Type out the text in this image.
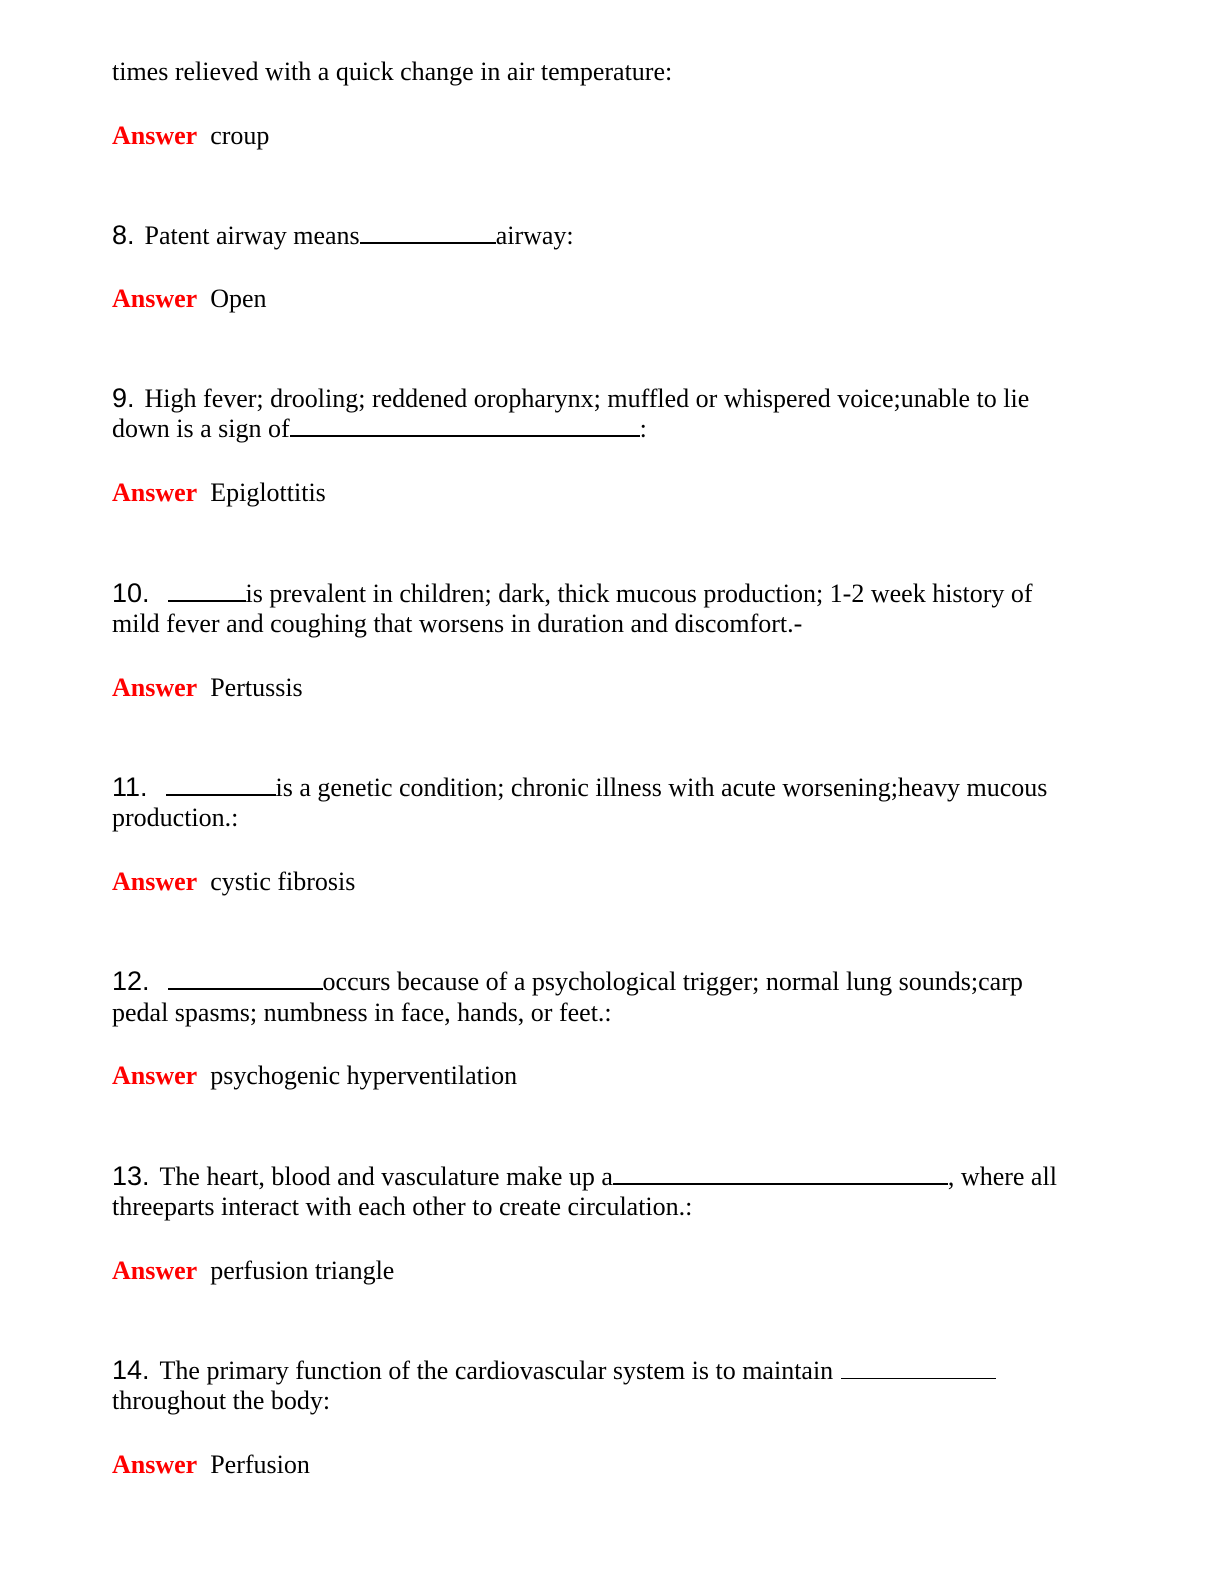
times relieved with a quick change in air temperature:
Answer croup
8. Patent airway means	airway:
Answer Open
9. High fever; drooling; reddened oropharynx; muffled or whispered voice;unable to lie
down is a sign of	:
Answer Epiglottitis
10.	is prevalent in children; dark, thick mucous production; 1-2 week history of
mild fever and coughing that worsens in duration and discomfort.-
Answer Pertussis
11.	is a genetic condition; chronic illness with acute worsening;heavy mucous
production.:
Answer cystic fibrosis
12.	occurs because of a psychological trigger; normal lung sounds;carp
pedal spasms; numbness in face, hands, or feet.:
Answer psychogenic hyperventilation
13. The heart, blood and vasculature make up a	, where all
threeparts interact with each other to create circulation.:
Answer perfusion triangle
14. The primary function of the cardiovascular system is to maintain
throughout the body:
Answer Perfusion
